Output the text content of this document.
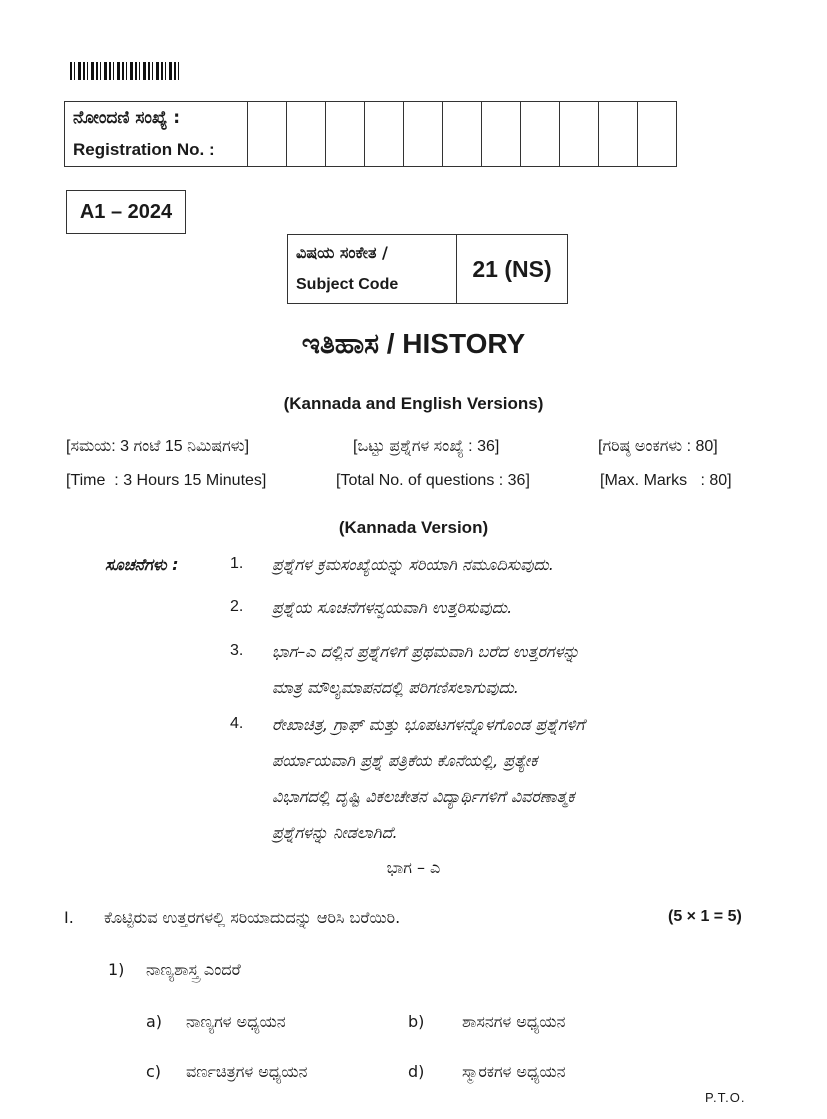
ನೋಂದಣಿ ಸಂಖ್ಯೆ :
Registration No. :

A1 – 2024
ವಿಷಯ ಸಂಕೇತ /
Subject Code
	21 (NS)
ಇತಿಹಾಸ / HISTORY
(Kannada and English Versions)
[ಸಮಯ: 3 ಗಂಟೆ 15 ನಿಮಿಷಗಳು]	[ಒಟ್ಟು ಪ್ರಶ್ನೆಗಳ ಸಂಖ್ಯೆ : 36]	[ಗರಿಷ್ಠ ಅಂಕಗಳು : 80]
[Time  : 3 Hours 15 Minutes]	[Total No. of questions : 36]	[Max. Marks   : 80]
(Kannada Version)
ಸೂಚನೆಗಳು :	1. ಪ್ರಶ್ನೆಗಳ ಕ್ರಮಸಂಖ್ಯೆಯನ್ನು ಸರಿಯಾಗಿ ನಮೂದಿಸುವುದು.
2. ಪ್ರಶ್ನೆಯ ಸೂಚನೆಗಳನ್ವಯವಾಗಿ ಉತ್ತರಿಸುವುದು.
3. ಭಾಗ–ಎ ದಲ್ಲಿನ ಪ್ರಶ್ನೆಗಳಿಗೆ ಪ್ರಥಮವಾಗಿ ಬರೆದ ಉತ್ತರಗಳನ್ನು
ಮಾತ್ರ ಮೌಲ್ಯಮಾಪನದಲ್ಲಿ ಪರಿಗಣಿಸಲಾಗುವುದು.
4. ರೇಖಾಚಿತ್ರ, ಗ್ರಾಫ್ ಮತ್ತು ಭೂಪಟಗಳನ್ನೊಳಗೊಂಡ ಪ್ರಶ್ನೆಗಳಿಗೆ
ಪರ್ಯಾಯವಾಗಿ ಪ್ರಶ್ನೆ ಪತ್ರಿಕೆಯ ಕೊನೆಯಲ್ಲಿ, ಪ್ರತ್ಯೇಕ
ವಿಭಾಗದಲ್ಲಿ ದೃಷ್ಟಿ ವಿಕಲಚೇತನ ವಿದ್ಯಾರ್ಥಿಗಳಿಗೆ ವಿವರಣಾತ್ಮಕ
ಪ್ರಶ್ನೆಗಳನ್ನು ನೀಡಲಾಗಿದೆ.
ಭಾಗ – ಎ
I. ಕೊಟ್ಟಿರುವ ಉತ್ತರಗಳಲ್ಲಿ ಸರಿಯಾದುದನ್ನು ಆರಿಸಿ ಬರೆಯಿರಿ.	(5 × 1 = 5)
1) ನಾಣ್ಯಶಾಸ್ತ್ರ ಎಂದರೆ
a) ನಾಣ್ಯಗಳ ಅಧ್ಯಯನ	b) ಶಾಸನಗಳ ಅಧ್ಯಯನ
c) ವರ್ಣಚಿತ್ರಗಳ ಅಧ್ಯಯನ	d) ಸ್ಮಾರಕಗಳ ಅಧ್ಯಯನ
P.T.O.
